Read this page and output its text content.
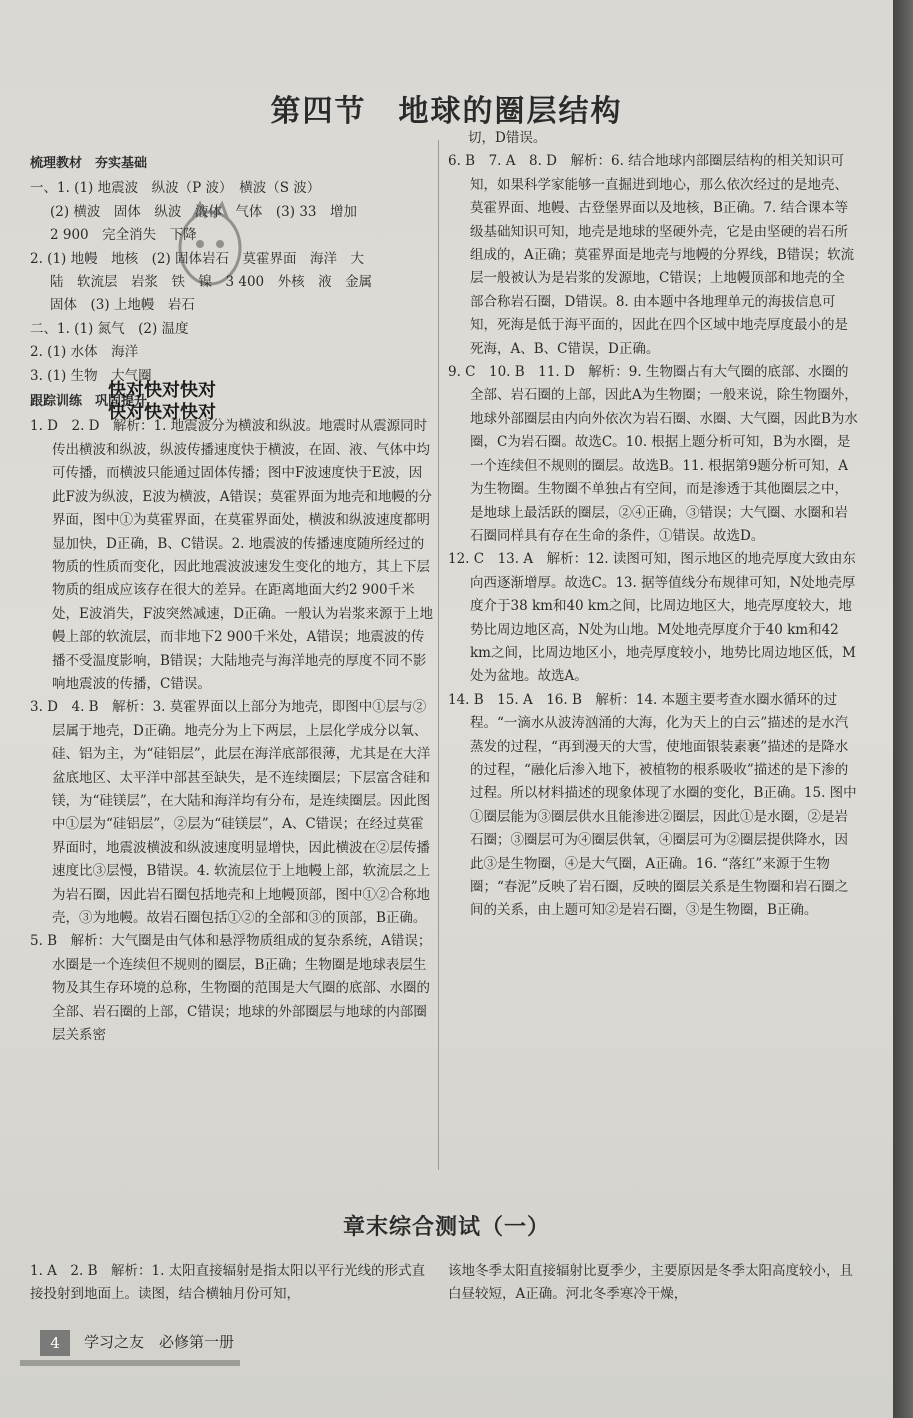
第四节　地球的圈层结构
梳理教材　夯实基础

一、1. (1) 地震波　纵波（P 波）　横波（S 波）

(2) 横波　固体　纵波　液体　气体　(3) 33　增加

2 900　完全消失　下降

2. (1) 地幔　地核　(2) 固体岩石　莫霍界面　海洋　大

陆　软流层　岩浆　铁　镍　3 400　外核　液　金属

固体　(3) 上地幔　岩石

二、1. (1) 氮气　(2) 温度

2. (1) 水体　海洋

3. (1) 生物　大气圈

跟踪训练　巩固提升

1. D　2. D　解析：1. 地震波分为横波和纵波。地震时从震源同时传出横波和纵波，纵波传播速度快于横波，在固、液、气体中均可传播，而横波只能通过固体传播；图中F波速度快于E波，因此F波为纵波，E波为横波，A错误；莫霍界面为地壳和地幔的分界面，图中①为莫霍界面，在莫霍界面处，横波和纵波速度都明显加快，D正确，B、C错误。2. 地震波的传播速度随所经过的物质的性质而变化，因此地震波波速发生变化的地方，其上下层物质的组成应该存在很大的差异。在距离地面大约2 900千米处，E波消失，F波突然减速，D正确。一般认为岩浆来源于上地幔上部的软流层，而非地下2 900千米处，A错误；地震波的传播不受温度影响，B错误；大陆地壳与海洋地壳的厚度不同不影响地震波的传播，C错误。

3. D　4. B　解析：3. 莫霍界面以上部分为地壳，即图中①层与②层属于地壳，D正确。地壳分为上下两层，上层化学成分以氧、硅、铝为主，为“硅铝层”，此层在海洋底部很薄，尤其是在大洋盆底地区、太平洋中部甚至缺失，是不连续圈层；下层富含硅和镁，为“硅镁层”，在大陆和海洋均有分布，是连续圈层。因此图中①层为“硅铝层”，②层为“硅镁层”，A、C错误；在经过莫霍界面时，地震波横波和纵波速度明显增快，因此横波在②层传播速度比③层慢，B错误。4. 软流层位于上地幔上部，软流层之上为岩石圈，因此岩石圈包括地壳和上地幔顶部，图中①②合称地壳，③为地幔。故岩石圈包括①②的全部和③的顶部，B正确。

5. B　解析：大气圈是由气体和悬浮物质组成的复杂系统，A错误；水圈是一个连续但不规则的圈层，B正确；生物圈是地球表层生物及其生存环境的总称，生物圈的范围是大气圈的底部、水圈的全部、岩石圈的上部，C错误；地球的外部圈层与地球的内部圈层关系密

快对快对快对
快对快对快对

切，D错误。

6. B　7. A　8. D　解析：6. 结合地球内部圈层结构的相关知识可知，如果科学家能够一直掘进到地心，那么依次经过的是地壳、莫霍界面、地幔、古登堡界面以及地核，B正确。7. 结合课本等级基础知识可知，地壳是地球的坚硬外壳，它是由坚硬的岩石所组成的，A正确；莫霍界面是地壳与地幔的分界线，B错误；软流层一般被认为是岩浆的发源地，C错误；上地幔顶部和地壳的全部合称岩石圈，D错误。8. 由本题中各地理单元的海拔信息可知，死海是低于海平面的，因此在四个区域中地壳厚度最小的是死海，A、B、C错误，D正确。

9. C　10. B　11. D　解析：9. 生物圈占有大气圈的底部、水圈的全部、岩石圈的上部，因此A为生物圈；一般来说，除生物圈外，地球外部圈层由内向外依次为岩石圈、水圈、大气圈，因此B为水圈，C为岩石圈。故选C。10. 根据上题分析可知，B为水圈，是一个连续但不规则的圈层。故选B。11. 根据第9题分析可知，A为生物圈。生物圈不单独占有空间，而是渗透于其他圈层之中，是地球上最活跃的圈层，②④正确，③错误；大气圈、水圈和岩石圈同样具有存在生命的条件，①错误。故选D。

12. C　13. A　解析：12. 读图可知，图示地区的地壳厚度大致由东向西逐渐增厚。故选C。13. 据等值线分布规律可知，N处地壳厚度介于38 km和40 km之间，比周边地区大，地壳厚度较大，地势比周边地区高，N处为山地。M处地壳厚度介于40 km和42 km之间，比周边地区小，地壳厚度较小，地势比周边地区低，M处为盆地。故选A。

14. B　15. A　16. B　解析：14. 本题主要考查水圈水循环的过程。“一滴水从波涛汹涌的大海，化为天上的白云”描述的是水汽蒸发的过程，“再到漫天的大雪，使地面银装素裹”描述的是降水的过程，“融化后渗入地下，被植物的根系吸收”描述的是下渗的过程。所以材料描述的现象体现了水圈的变化，B正确。15. 图中①圈层能为③圈层供水且能渗进②圈层，因此①是水圈，②是岩石圈；③圈层可为④圈层供氧，④圈层可为②圈层提供降水，因此③是生物圈，④是大气圈，A正确。16. “落红”来源于生物圈；“春泥”反映了岩石圈，反映的圈层关系是生物圈和岩石圈之间的关系，由上题可知②是岩石圈，③是生物圈，B正确。

章末综合测试（一）
1. A　2. B　解析：1. 太阳直接辐射是指太阳以平行光线的形式直接投射到地面上。读图，结合横轴月份可知，
该地冬季太阳直接辐射比夏季少，主要原因是冬季太阳高度较小，且白昼较短，A正确。河北冬季寒冷干燥，
4	学习之友　必修第一册
